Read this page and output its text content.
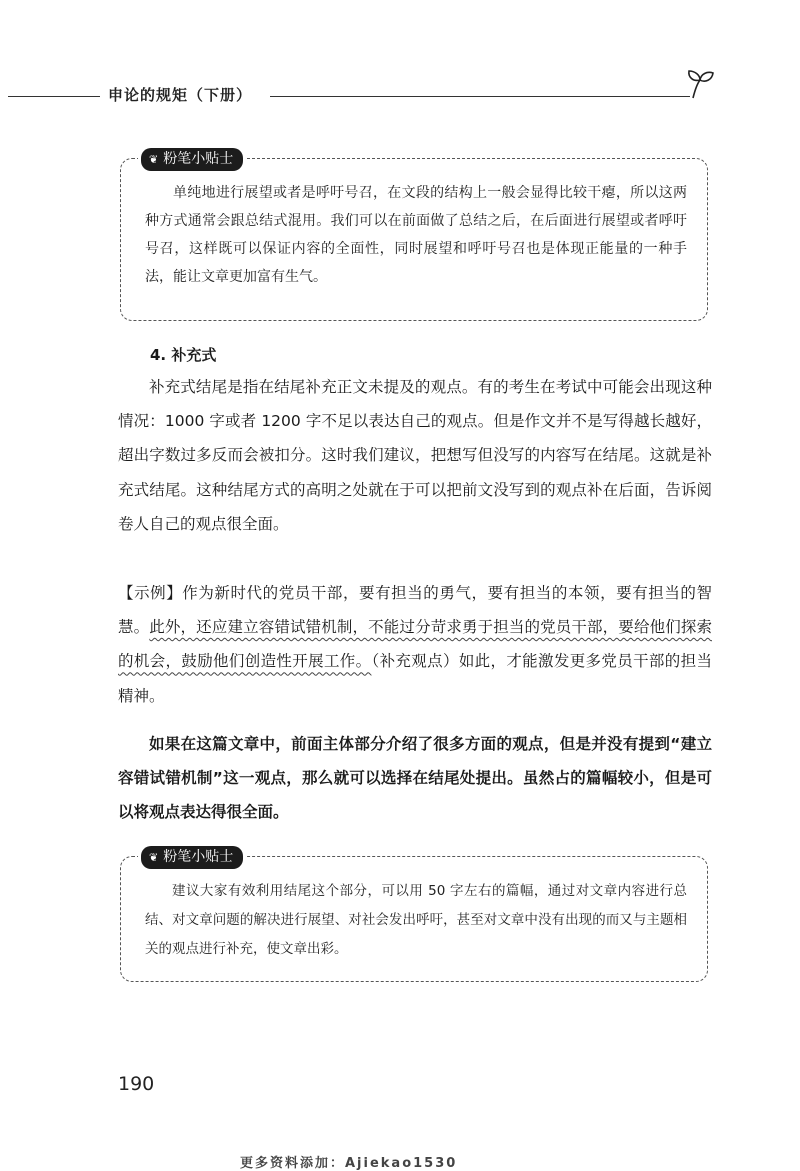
申论的规矩（下册）
❦ 粉笔小贴士
单纯地进行展望或者是呼吁号召，在文段的结构上一般会显得比较干瘪，所以这两种方式通常会跟总结式混用。我们可以在前面做了总结之后，在后面进行展望或者呼吁号召，这样既可以保证内容的全面性，同时展望和呼吁号召也是体现正能量的一种手法，能让文章更加富有生气。
4. 补充式
补充式结尾是指在结尾补充正文未提及的观点。有的考生在考试中可能会出现这种情况：1000 字或者 1200 字不足以表达自己的观点。但是作文并不是写得越长越好，超出字数过多反而会被扣分。这时我们建议，把想写但没写的内容写在结尾。这就是补充式结尾。这种结尾方式的高明之处就在于可以把前文没写到的观点补在后面，告诉阅卷人自己的观点很全面。
【示例】作为新时代的党员干部，要有担当的勇气，要有担当的本领，要有担当的智慧。此外，还应建立容错试错机制，不能过分苛求勇于担当的党员干部，要给他们探索的机会，鼓励他们创造性开展工作。（补充观点）如此，才能激发更多党员干部的担当精神。
如果在这篇文章中，前面主体部分介绍了很多方面的观点，但是并没有提到“建立容错试错机制”这一观点，那么就可以选择在结尾处提出。虽然占的篇幅较小，但是可以将观点表达得很全面。
❦ 粉笔小贴士
建议大家有效利用结尾这个部分，可以用 50 字左右的篇幅，通过对文章内容进行总结、对文章问题的解决进行展望、对社会发出呼吁，甚至对文章中没有出现的而又与主题相关的观点进行补充，使文章出彩。
190
更多资料添加：Ajiekao1530
